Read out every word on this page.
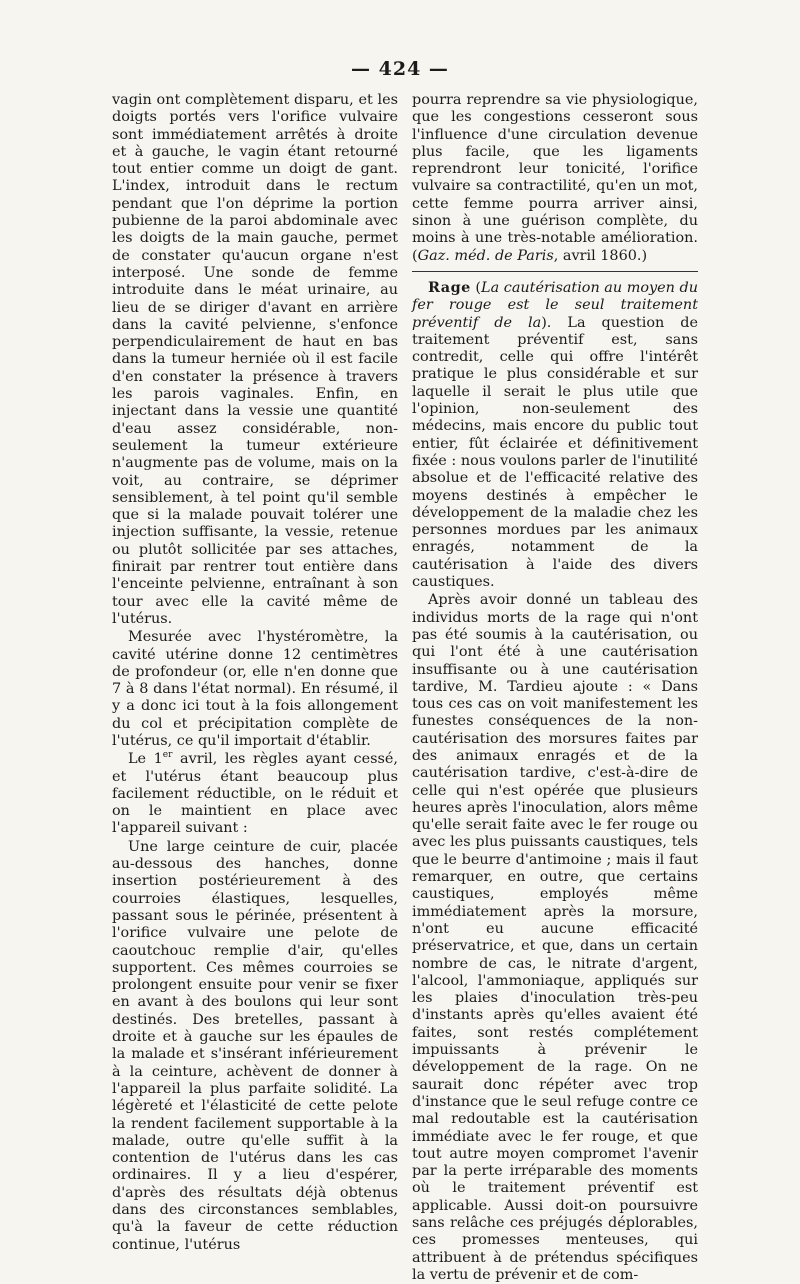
— 424 —

vagin ont complètement disparu, et les doigts portés vers l'orifice vulvaire sont immédiatement arrêtés à droite et à gauche, le vagin étant retourné tout entier comme un doigt de gant. L'index, introduit dans le rectum pendant que l'on déprime la portion pubienne de la paroi abdominale avec les doigts de la main gauche, permet de constater qu'aucun organe n'est interposé. Une sonde de femme introduite dans le méat urinaire, au lieu de se diriger d'avant en arrière dans la cavité pelvienne, s'enfonce perpendiculairement de haut en bas dans la tumeur herniée où il est facile d'en constater la présence à travers les parois vaginales. Enfin, en injectant dans la vessie une quantité d'eau assez considérable, non-seulement la tumeur extérieure n'augmente pas de volume, mais on la voit, au contraire, se déprimer sensiblement, à tel point qu'il semble que si la malade pouvait tolérer une injection suffisante, la vessie, retenue ou plutôt sollicitée par ses attaches, finirait par rentrer tout entière dans l'enceinte pelvienne, entraînant à son tour avec elle la cavité même de l'utérus.

Mesurée avec l'hystéromètre, la cavité utérine donne 12 centimètres de profondeur (or, elle n'en donne que 7 à 8 dans l'état normal). En résumé, il y a donc ici tout à la fois allongement du col et précipitation complète de l'utérus, ce qu'il importait d'établir.

Le 1er avril, les règles ayant cessé, et l'utérus étant beaucoup plus facilement réductible, on le réduit et on le maintient en place avec l'appareil suivant :

Une large ceinture de cuir, placée au-dessous des hanches, donne insertion postérieurement à des courroies élastiques, lesquelles, passant sous le périnée, présentent à l'orifice vulvaire une pelote de caoutchouc remplie d'air, qu'elles supportent. Ces mêmes courroies se prolongent ensuite pour venir se fixer en avant à des boulons qui leur sont destinés. Des bretelles, passant à droite et à gauche sur les épaules de la malade et s'insérant inférieurement à la ceinture, achèvent de donner à l'appareil la plus parfaite solidité. La légèreté et l'élasticité de cette pelote la rendent facilement supportable à la malade, outre qu'elle suffit à la contention de l'utérus dans les cas ordinaires. Il y a lieu d'espérer, d'après des résultats déjà obtenus dans des circonstances semblables, qu'à la faveur de cette réduction continue, l'utérus

pourra reprendre sa vie physiologique, que les congestions cesseront sous l'influence d'une circulation devenue plus facile, que les ligaments reprendront leur tonicité, l'orifice vulvaire sa contractilité, qu'en un mot, cette femme pourra arriver ainsi, sinon à une guérison complète, du moins à une très-notable amélioration. (Gaz. méd. de Paris, avril 1860.)

Rage (La cautérisation au moyen du fer rouge est le seul traitement préventif de la). La question de traitement préventif est, sans contredit, celle qui offre l'intérêt pratique le plus considérable et sur laquelle il serait le plus utile que l'opinion, non-seulement des médecins, mais encore du public tout entier, fût éclairée et définitivement fixée : nous voulons parler de l'inutilité absolue et de l'efficacité relative des moyens destinés à empêcher le développement de la maladie chez les personnes mordues par les animaux enragés, notamment de la cautérisation à l'aide des divers caustiques.

Après avoir donné un tableau des individus morts de la rage qui n'ont pas été soumis à la cautérisation, ou qui l'ont été à une cautérisation insuffisante ou à une cautérisation tardive, M. Tardieu ajoute : « Dans tous ces cas on voit manifestement les funestes conséquences de la non-cautérisation des morsures faites par des animaux enragés et de la cautérisation tardive, c'est-à-dire de celle qui n'est opérée que plusieurs heures après l'inoculation, alors même qu'elle serait faite avec le fer rouge ou avec les plus puissants caustiques, tels que le beurre d'antimoine ; mais il faut remarquer, en outre, que certains caustiques, employés même immédiatement après la morsure, n'ont eu aucune efficacité préservatrice, et que, dans un certain nombre de cas, le nitrate d'argent, l'alcool, l'ammoniaque, appliqués sur les plaies d'inoculation très-peu d'instants après qu'elles avaient été faites, sont restés complétement impuissants à prévenir le développement de la rage. On ne saurait donc répéter avec trop d'instance que le seul refuge contre ce mal redoutable est la cautérisation immédiate avec le fer rouge, et que tout autre moyen compromet l'avenir par la perte irréparable des moments où le traitement préventif est applicable. Aussi doit-on poursuivre sans relâche ces préjugés déplorables, ces promesses menteuses, qui attribuent à de prétendus spécifiques la vertu de prévenir et de com-
